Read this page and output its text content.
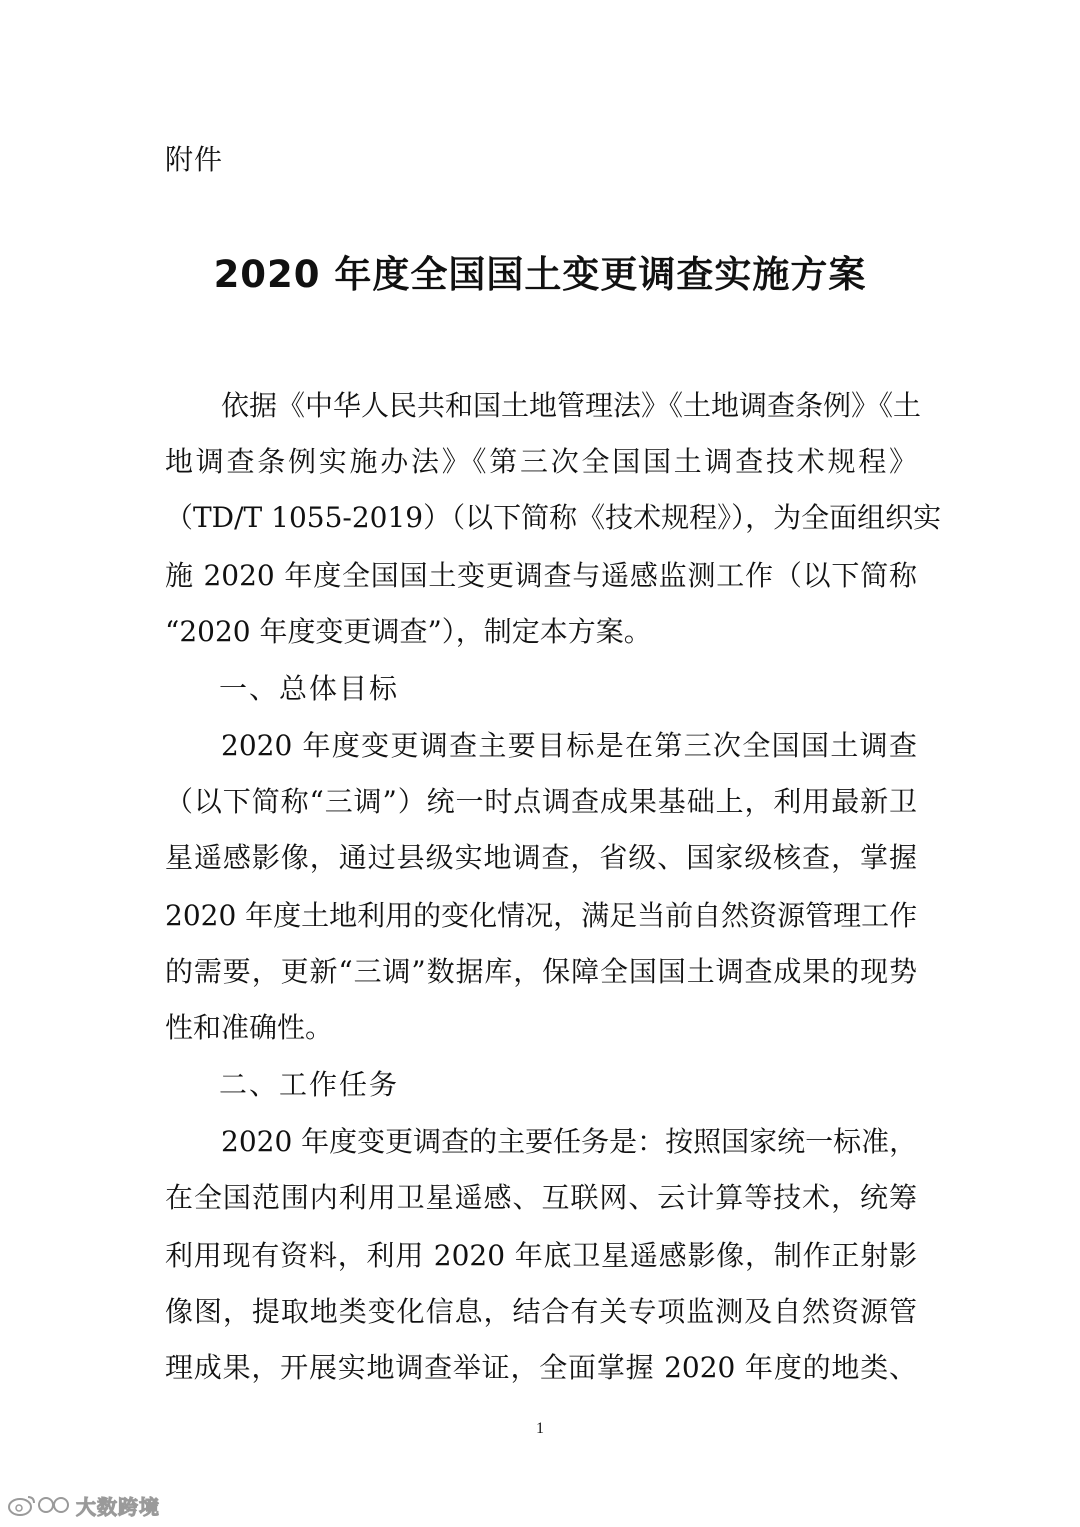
附件
2020 年度全国国土变更调查实施方案
依据《中华人民共和国土地管理法》《土地调查条例》《土
地调查条例实施办法》《第三次全国国土调查技术规程》
（TD/T 1055-2019）（以下简称《技术规程》），为全面组织实
施 2020 年度全国国土变更调查与遥感监测工作（以下简称
“2020 年度变更调查”），制定本方案。
一、总体目标
2020 年度变更调查主要目标是在第三次全国国土调查
（以下简称“三调”）统一时点调查成果基础上，利用最新卫
星遥感影像，通过县级实地调查，省级、国家级核查，掌握
2020 年度土地利用的变化情况，满足当前自然资源管理工作
的需要，更新“三调”数据库，保障全国国土调查成果的现势
性和准确性。
二、工作任务
2020 年度变更调查的主要任务是：按照国家统一标准，
在全国范围内利用卫星遥感、互联网、云计算等技术，统筹
利用现有资料，利用 2020 年底卫星遥感影像，制作正射影
像图，提取地类变化信息，结合有关专项监测及自然资源管
理成果，开展实地调查举证，全面掌握 2020 年度的地类、
1
大数跨境
